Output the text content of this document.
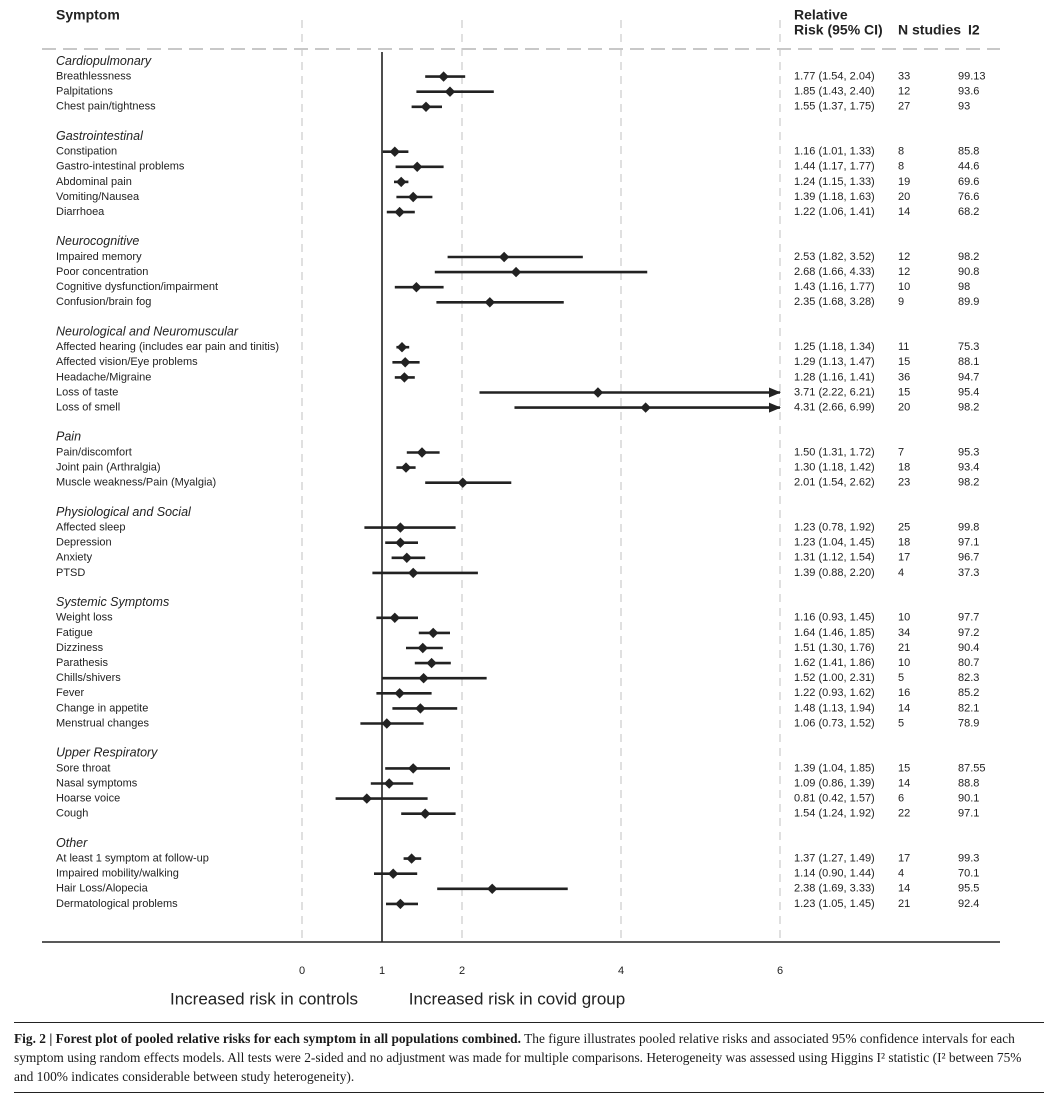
Symptom	Relative
Risk (95% CI) N studies I2
Cardiopulmonary
Breathlessness	1.77 (1.54, 2.04) 33	99.13
Palpitations	1.85 (1.43, 2.40) 12	93.6
Chest pain/tightness	1.55 (1.37, 1.75) 27	93
Gastrointestinal
Constipation	1.16 (1.01, 1.33) 8	85.8
Gastro-intestinal problems	1.44 (1.17, 1.77) 8	44.6
Abdominal pain	1.24 (1.15, 1.33) 19	69.6
Vomiting/Nausea	1.39 (1.18, 1.63) 20	76.6
Diarrhoea	1.22 (1.06, 1.41) 14	68.2
Neurocognitive
Impaired memory	2.53 (1.82, 3.52) 12	98.2
Poor concentration	2.68 (1.66, 4.33) 12	90.8
Cognitive dysfunction/impairment	1.43 (1.16, 1.77) 10	98
Confusion/brain fog	2.35 (1.68, 3.28) 9	89.9
Neurological and Neuromuscular
Affected hearing (includes ear pain and tinitis)	1.25 (1.18, 1.34) 11	75.3
Affected vision/Eye problems	1.29 (1.13, 1.47) 15	88.1
Headache/Migraine	1.28 (1.16, 1.41) 36	94.7
Loss of taste	3.71 (2.22, 6.21) 15	95.4
Loss of smell	4.31 (2.66, 6.99) 20	98.2
Pain
Pain/discomfort	1.50 (1.31, 1.72) 7	95.3
Joint pain (Arthralgia)	1.30 (1.18, 1.42) 18	93.4
Muscle weakness/Pain (Myalgia)	2.01 (1.54, 2.62) 23	98.2
Physiological and Social
Affected sleep	1.23 (0.78, 1.92) 25	99.8
Depression	1.23 (1.04, 1.45) 18	97.1
Anxiety	1.31 (1.12, 1.54) 17	96.7
PTSD	1.39 (0.88, 2.20) 4	37.3
Systemic Symptoms
Weight loss	1.16 (0.93, 1.45) 10	97.7
Fatigue	1.64 (1.46, 1.85) 34	97.2
Dizziness	1.51 (1.30, 1.76) 21	90.4
Parathesis	1.62 (1.41, 1.86) 10	80.7
Chills/shivers	1.52 (1.00, 2.31) 5	82.3
Fever	1.22 (0.93, 1.62) 16	85.2
Change in appetite	1.48 (1.13, 1.94) 14	82.1
Menstrual changes	1.06 (0.73, 1.52) 5	78.9
Upper Respiratory
Sore throat	1.39 (1.04, 1.85) 15	87.55
Nasal symptoms	1.09 (0.86, 1.39) 14	88.8
Hoarse voice	0.81 (0.42, 1.57) 6	90.1
Cough	1.54 (1.24, 1.92) 22	97.1
Other
At least 1 symptom at follow-up	1.37 (1.27, 1.49) 17	99.3
Impaired mobility/walking	1.14 (0.90, 1.44) 4	70.1
Hair Loss/Alopecia	2.38 (1.69, 3.33) 14	95.5
Dermatological problems	1.23 (1.05, 1.45) 21	92.4
0	1	2	4	6
Increased risk in controls	Increased risk in covid group
Fig. 2 | Forest plot of pooled relative risks for each symptom in all populations combined. The figure illustrates pooled relative risks and associated 95% confidence intervals for each symptom using random effects models. All tests were 2-sided and no adjustment was made for multiple comparisons. Heterogeneity was assessed using Higgins I² statistic (I² between 75% and 100% indicates considerable between study heterogeneity).
